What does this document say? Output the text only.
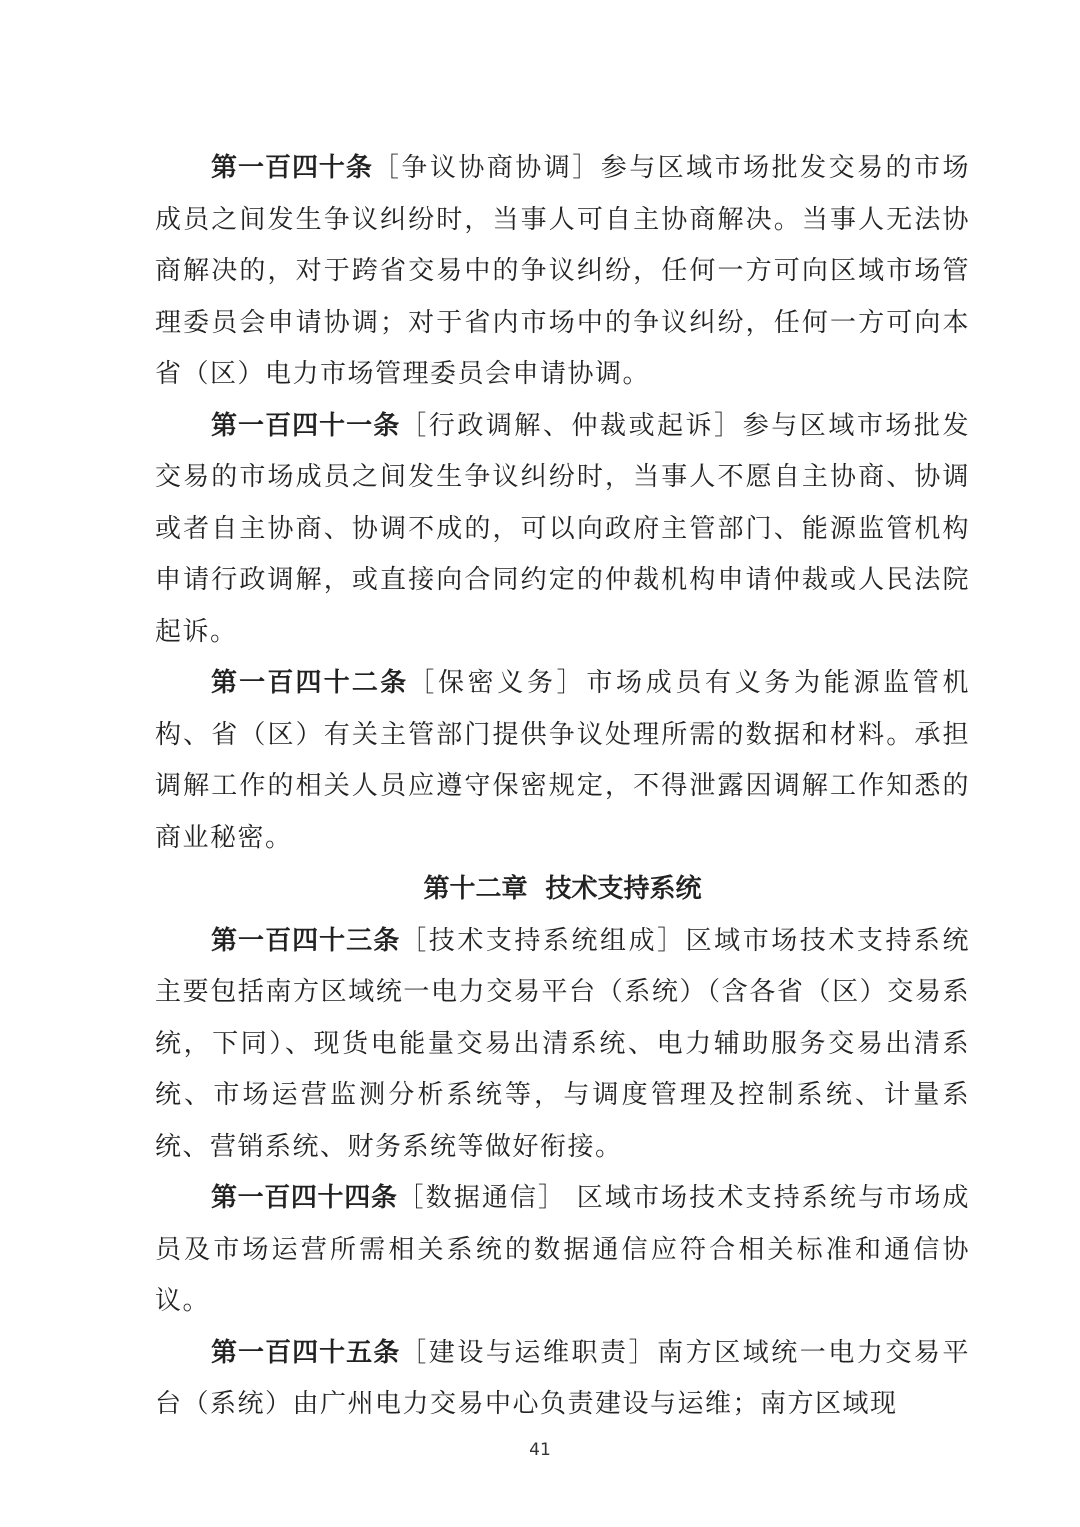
第一百四十条［争议协商协调］参与区域市场批发交易的市场成员之间发生争议纠纷时，当事人可自主协商解决。当事人无法协商解决的，对于跨省交易中的争议纠纷，任何一方可向区域市场管理委员会申请协调；对于省内市场中的争议纠纷，任何一方可向本省（区）电力市场管理委员会申请协调。

第一百四十一条［行政调解、仲裁或起诉］参与区域市场批发交易的市场成员之间发生争议纠纷时，当事人不愿自主协商、协调或者自主协商、协调不成的，可以向政府主管部门、能源监管机构申请行政调解，或直接向合同约定的仲裁机构申请仲裁或人民法院起诉。

第一百四十二条［保密义务］市场成员有义务为能源监管机构、省（区）有关主管部门提供争议处理所需的数据和材料。承担调解工作的相关人员应遵守保密规定，不得泄露因调解工作知悉的商业秘密。

第十二章  技术支持系统

第一百四十三条［技术支持系统组成］区域市场技术支持系统主要包括南方区域统一电力交易平台（系统）（含各省（区）交易系统，下同）、现货电能量交易出清系统、电力辅助服务交易出清系统、市场运营监测分析系统等，与调度管理及控制系统、计量系统、营销系统、财务系统等做好衔接。

第一百四十四条［数据通信］ 区域市场技术支持系统与市场成员及市场运营所需相关系统的数据通信应符合相关标准和通信协议。

第一百四十五条［建设与运维职责］南方区域统一电力交易平台（系统）由广州电力交易中心负责建设与运维；南方区域现

41
